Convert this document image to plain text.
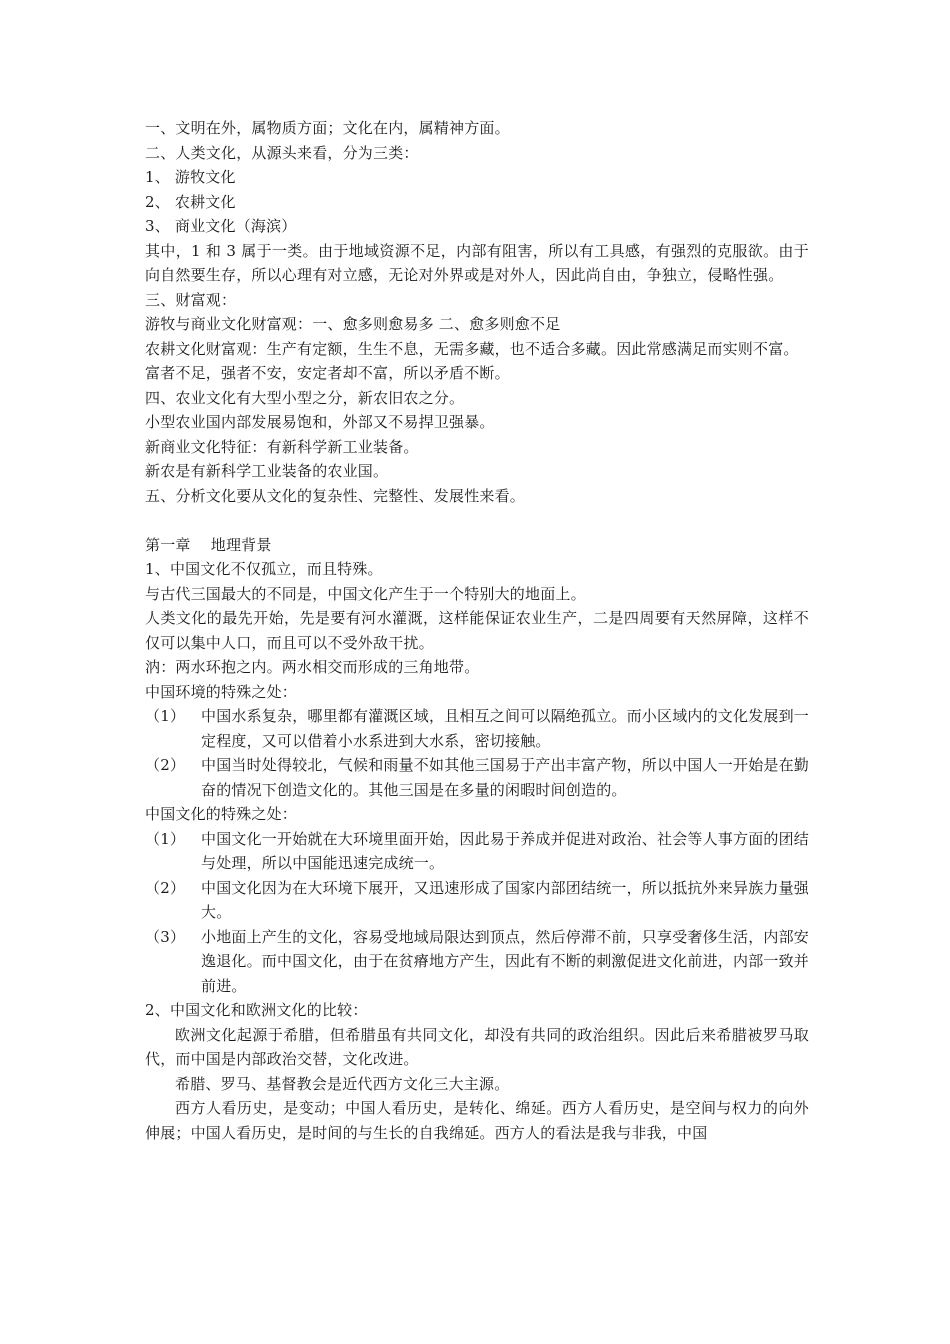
一、文明在外，属物质方面；文化在内，属精神方面。

二、人类文化，从源头来看，分为三类：

1、 游牧文化

2、 农耕文化

3、 商业文化（海滨）

其中，1 和 3 属于一类。由于地域资源不足，内部有阻害，所以有工具感，有强烈的克服欲。由于向自然要生存，所以心理有对立感，无论对外界或是对外人，因此尚自由，争独立，侵略性强。

三、财富观：

游牧与商业文化财富观：一、愈多则愈易多 二、愈多则愈不足

农耕文化财富观：生产有定额，生生不息，无需多藏，也不适合多藏。因此常感满足而实则不富。

富者不足，强者不安，安定者却不富，所以矛盾不断。

四、农业文化有大型小型之分，新农旧农之分。

小型农业国内部发展易饱和，外部又不易捍卫强暴。

新商业文化特征：有新科学新工业装备。

新农是有新科学工业装备的农业国。

五、分析文化要从文化的复杂性、完整性、发展性来看。

第一章　 地理背景

1、中国文化不仅孤立，而且特殊。

与古代三国最大的不同是，中国文化产生于一个特别大的地面上。

人类文化的最先开始，先是要有河水灌溉，这样能保证农业生产，二是四周要有天然屏障，这样不仅可以集中人口，而且可以不受外敌干扰。

汭：两水环抱之内。两水相交而形成的三角地带。

中国环境的特殊之处：

（1）	中国水系复杂，哪里都有灌溉区域，且相互之间可以隔绝孤立。而小区域内的文化发展到一定程度，又可以借着小水系进到大水系，密切接触。
（2）	中国当时处得较北，气候和雨量不如其他三国易于产出丰富产物，所以中国人一开始是在勤奋的情况下创造文化的。其他三国是在多量的闲暇时间创造的。

中国文化的特殊之处：

（1）	中国文化一开始就在大环境里面开始，因此易于养成并促进对政治、社会等人事方面的团结与处理，所以中国能迅速完成统一。
（2）	中国文化因为在大环境下展开，又迅速形成了国家内部团结统一，所以抵抗外来异族力量强大。
（3）	小地面上产生的文化，容易受地域局限达到顶点，然后停滞不前，只享受奢侈生活，内部安逸退化。而中国文化，由于在贫瘠地方产生，因此有不断的刺激促进文化前进，内部一致并前进。

2、中国文化和欧洲文化的比较：

欧洲文化起源于希腊，但希腊虽有共同文化，却没有共同的政治组织。因此后来希腊被罗马取代，而中国是内部政治交替，文化改进。

希腊、罗马、基督教会是近代西方文化三大主源。

西方人看历史，是变动；中国人看历史，是转化、绵延。西方人看历史，是空间与权力的向外伸展；中国人看历史，是时间的与生长的自我绵延。西方人的看法是我与非我，中国
